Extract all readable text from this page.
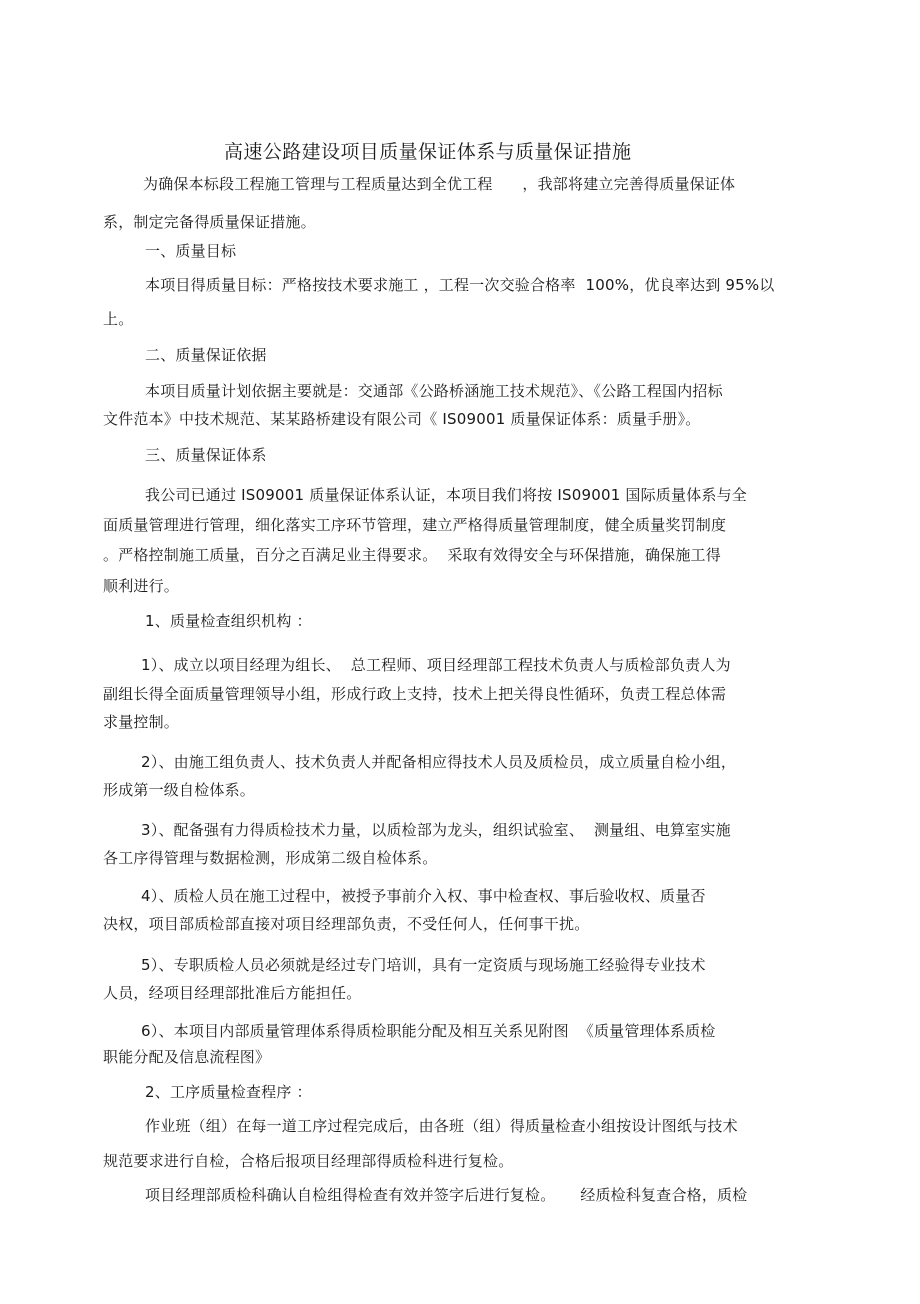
高速公路建设项目质量保证体系与质量保证措施
为确保本标段工程施工管理与工程质量达到全优工程      ，我部将建立完善得质量保证体
系，制定完备得质量保证措施。
一、质量目标
本项目得质量目标：严格按技术要求施工 ，工程一次交验合格率  100%，优良率达到 95%以
上。
二、质量保证依据
本项目质量计划依据主要就是：交通部《公路桥涵施工技术规范》、《公路工程国内招标
文件范本》中技术规范、某某路桥建设有限公司《 IS09001 质量保证体系：质量手册》。
三、质量保证体系
我公司已通过 IS09001 质量保证体系认证，本项目我们将按 IS09001 国际质量体系与全
面质量管理进行管理，细化落实工序环节管理，建立严格得质量管理制度，健全质量奖罚制度
。严格控制施工质量，百分之百满足业主得要求。  采取有效得安全与环保措施，确保施工得
顺利进行。
1、质量检查组织机构 ：
1）、成立以项目经理为组长、  总工程师、项目经理部工程技术负责人与质检部负责人为
副组长得全面质量管理领导小组，形成行政上支持，技术上把关得良性循环，负责工程总体需
求量控制。
2）、由施工组负责人、技术负责人并配备相应得技术人员及质检员，成立质量自检小组，
形成第一级自检体系。
3）、配备强有力得质检技术力量，以质检部为龙头，组织试验室、  测量组、电算室实施
各工序得管理与数据检测，形成第二级自检体系。
4）、质检人员在施工过程中，被授予事前介入权、事中检查权、事后验收权、质量否
决权，项目部质检部直接对项目经理部负责，不受任何人，任何事干扰。
5）、专职质检人员必须就是经过专门培训，具有一定资质与现场施工经验得专业技术
人员，经项目经理部批准后方能担任。
6）、本项目内部质量管理体系得质检职能分配及相互关系见附图  《质量管理体系质检
职能分配及信息流程图》
2、工序质量检查程序 ：
作业班（组）在每一道工序过程完成后，由各班（组）得质量检查小组按设计图纸与技术
规范要求进行自检，合格后报项目经理部得质检科进行复检。
项目经理部质检科确认自检组得检查有效并签字后进行复检。     经质检科复查合格，质检
